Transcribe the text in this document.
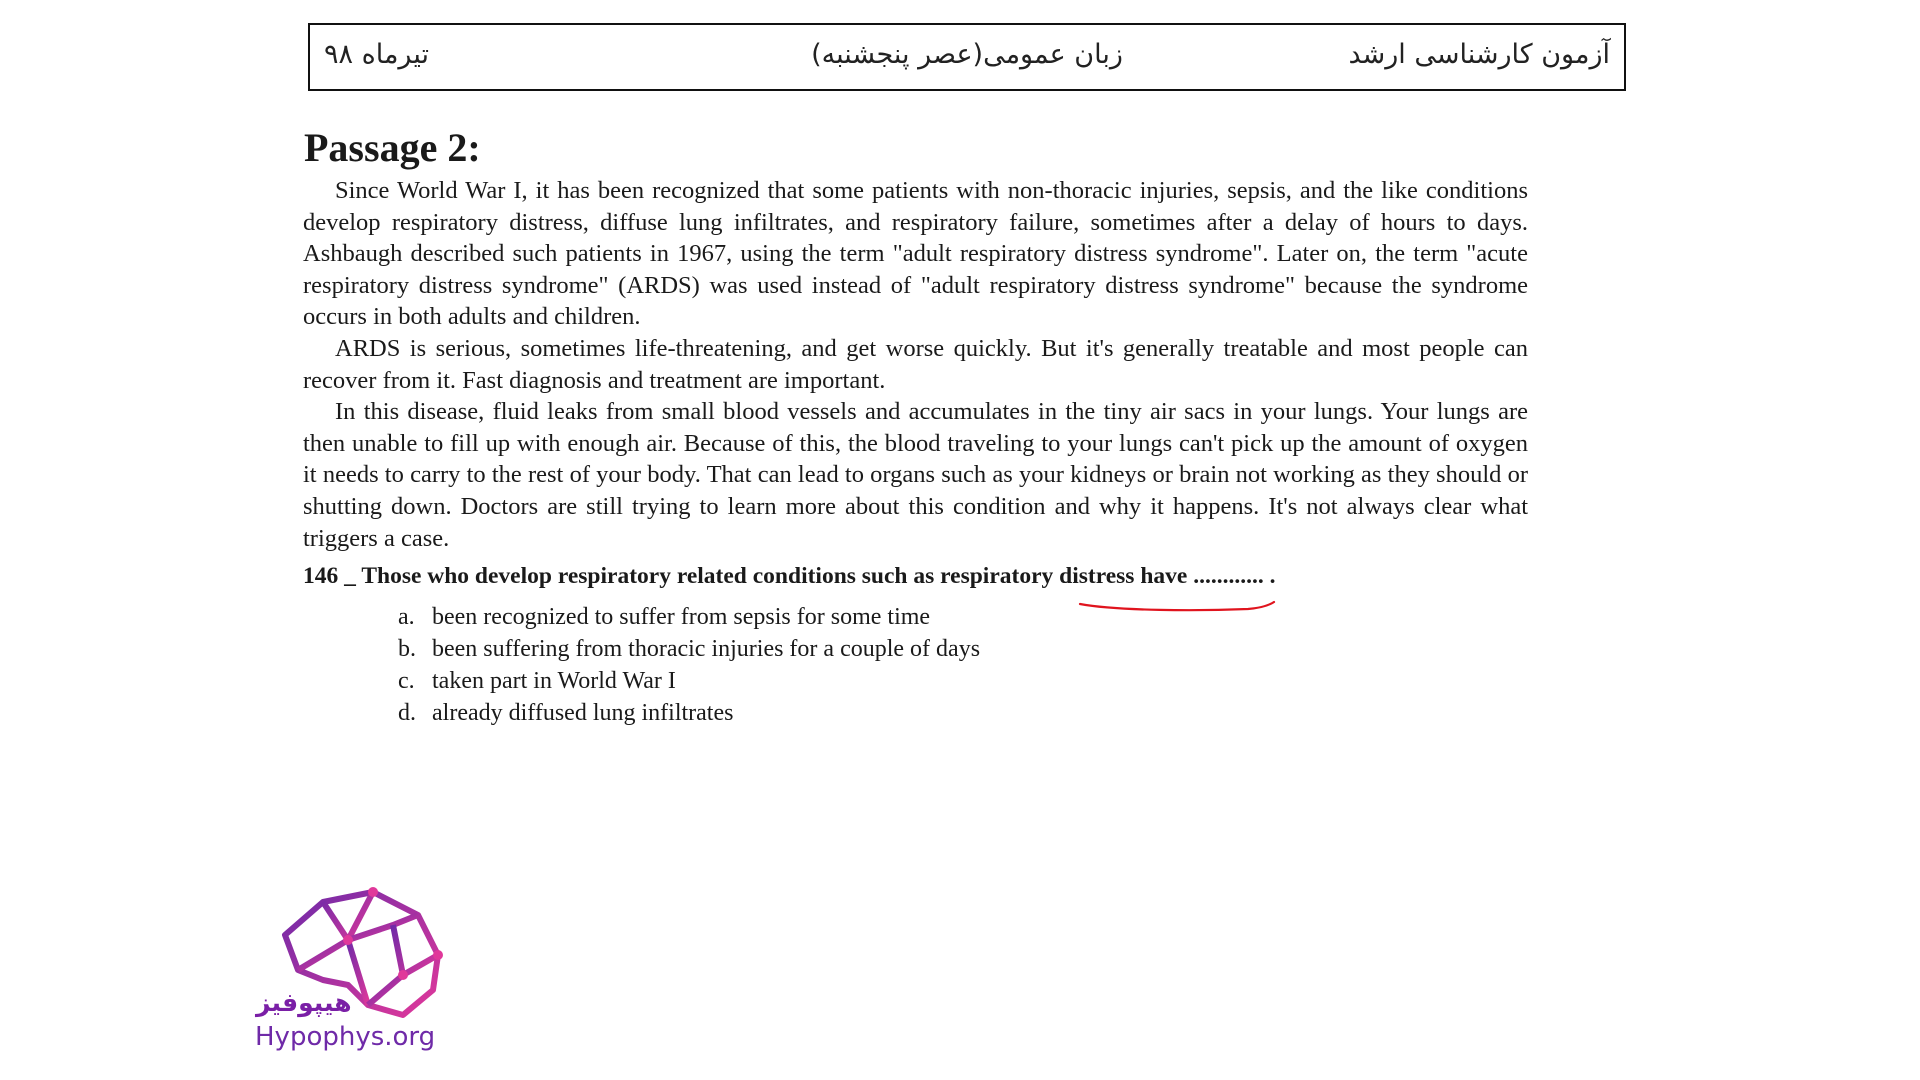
آزمون کارشناسی ارشد
زبان عمومی(عصر پنجشنبه)
تیرماه ۹۸
Passage 2:

Since World War I, it has been recognized that some patients with non-thoracic injuries, sepsis, and the like conditions develop respiratory distress, diffuse lung infiltrates, and respiratory failure, sometimes after a delay of hours to days. Ashbaugh described such patients in 1967, using the term "adult respiratory distress syndrome". Later on, the term "acute respiratory distress syndrome" (ARDS) was used instead of "adult respiratory distress syndrome" because the syndrome occurs in both adults and children.

ARDS is serious, sometimes life-threatening, and get worse quickly. But it's generally treatable and most people can recover from it. Fast diagnosis and treatment are important.

In this disease, fluid leaks from small blood vessels and accumulates in the tiny air sacs in your lungs. Your lungs are then unable to fill up with enough air. Because of this, the blood traveling to your lungs can't pick up the amount of oxygen it needs to carry to the rest of your body. That can lead to organs such as your kidneys or brain not working as they should or shutting down. Doctors are still trying to learn more about this condition and why it happens. It's not always clear what triggers a case.

146 _ Those who develop respiratory related conditions such as respiratory distress have ............ .
a. been recognized to suffer from sepsis for some time
b. been suffering from thoracic injuries for a couple of days
c. taken part in World War I
d. already diffused lung infiltrates
هیپوفیز
Hypophys.org
